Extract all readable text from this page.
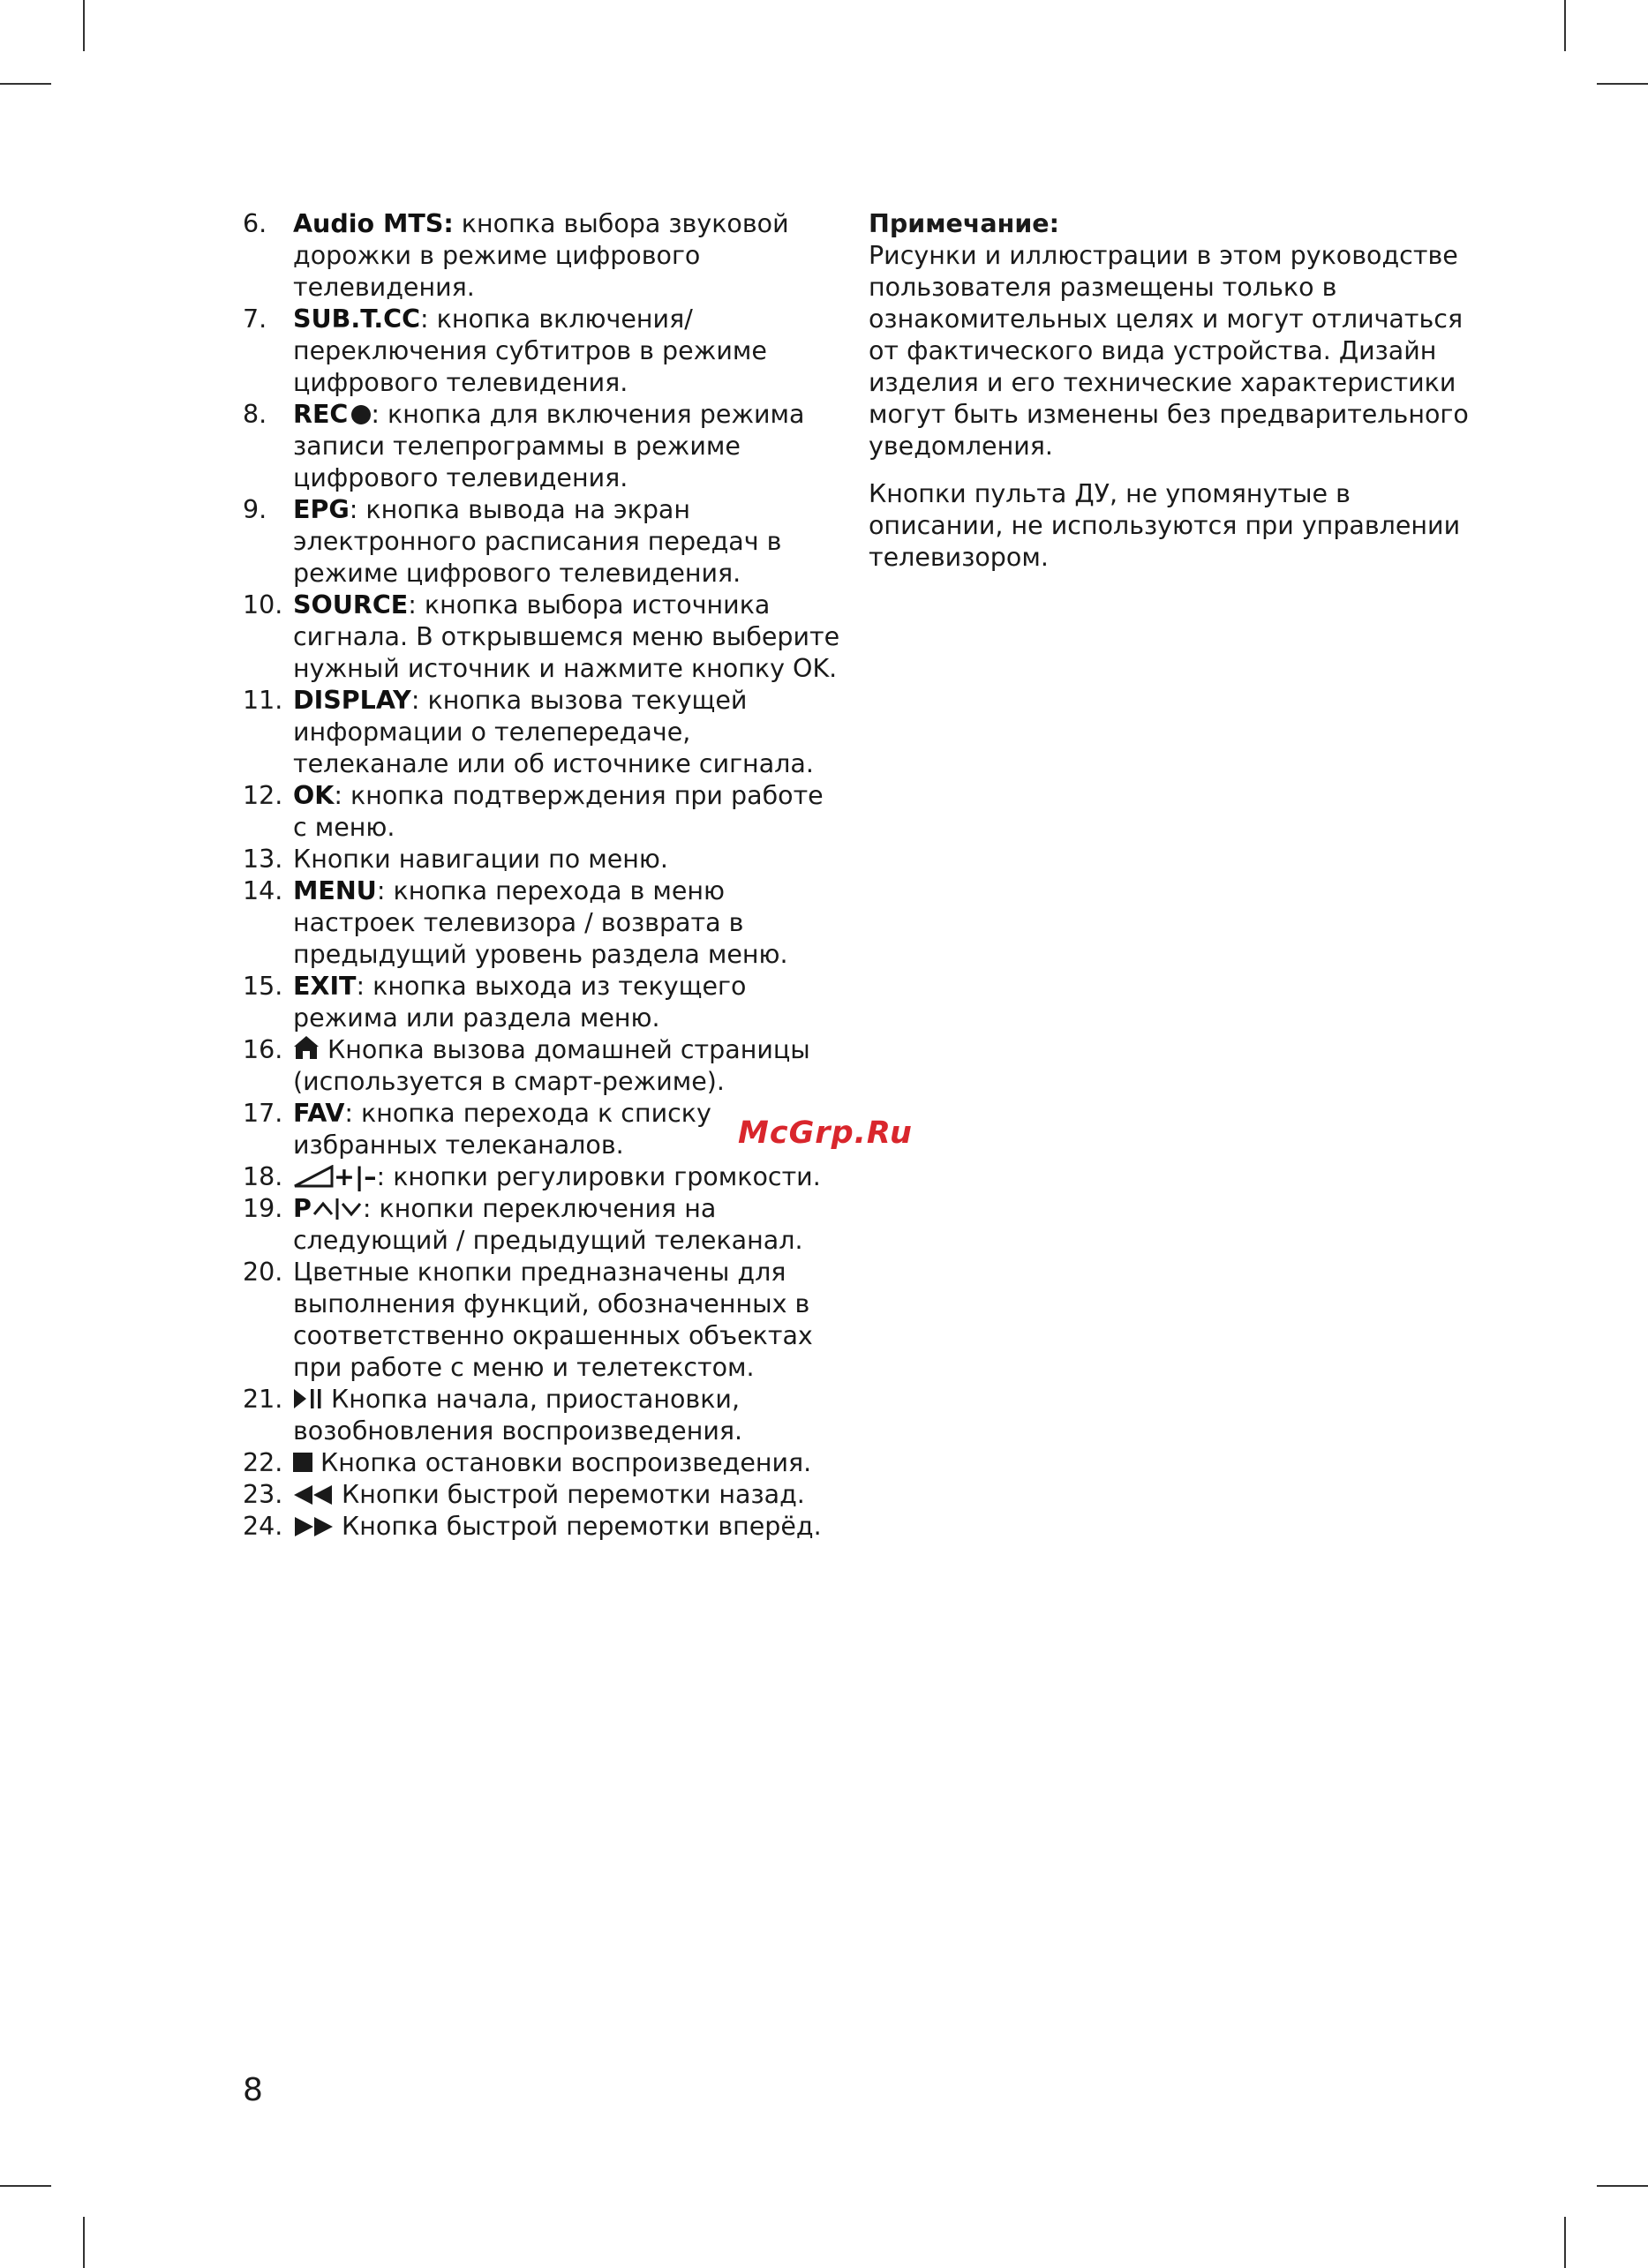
6. Audio MTS: кнопка выбора звуковой дорожки в режиме цифрового телевидения.
7. SUB.T.CC: кнопка включения/переключения субтитров в режиме цифрового телевидения.
8. REC : кнопка для включения режима записи телепрограммы в режиме цифрового телевидения.
9. EPG: кнопка вывода на экран электронного расписания передач в режиме цифрового телевидения.
10. SOURCE: кнопка выбора источника сигнала. В открывшемся меню выберите нужный источник и нажмите кнопку OK.
11. DISPLAY: кнопка вызова текущей информации о телепередаче, телеканале или об источнике сигнала.
12. OK: кнопка подтверждения при работе с меню.
13. Кнопки навигации по меню.
14. MENU: кнопка перехода в меню настроек телевизора / возврата в предыдущий уровень раздела меню.
15. EXIT: кнопка выхода из текущего режима или раздела меню.
16. Кнопка вызова домашней страницы
(используется в смарт-режиме).
17. FAV: кнопка перехода к списку избранных телеканалов.
18. +|–: кнопки регулировки громкости.
19. P : кнопки переключения на следующий / предыдущий телеканал.
20. Цветные кнопки предназначены для выполнения функций, обозначенных в соответственно окрашенных объектах при работе с меню и телетекстом.
21. Кнопка начала, приостановки, возобновления воспроизведения.
22. Кнопка остановки воспроизведения.
23. Кнопки быстрой перемотки назад.
24. Кнопка быстрой перемотки вперёд.

Примечание:
Рисунки и иллюстрации в этом руководстве пользователя размещены только в ознакомительных целях и могут отличаться от фактического вида устройства. Дизайн изделия и его технические характеристики могут быть изменены без предварительного уведомления.

Кнопки пульта ДУ, не упомянутые в описании, не используются при управлении телевизором.

McGrp.Ru
8
